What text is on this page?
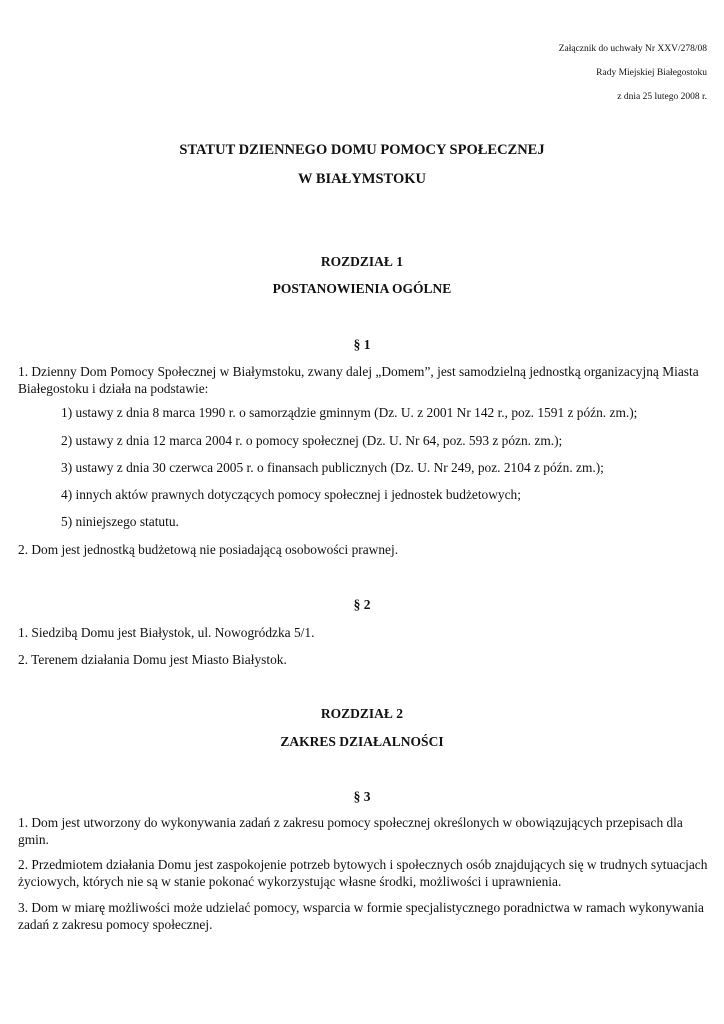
Załącznik do uchwały Nr XXV/278/08
Rady Miejskiej Białegostoku
z dnia 25 lutego 2008 r.
STATUT DZIENNEGO DOMU POMOCY SPOŁECZNEJ
W BIAŁYMSTOKU
ROZDZIAŁ 1
POSTANOWIENIA OGÓLNE
§ 1
1. Dzienny Dom Pomocy Społecznej w Białymstoku, zwany dalej „Domem”, jest samodzielną jednostką organizacyjną Miasta Białegostoku i działa na podstawie:
1) ustawy z dnia 8 marca 1990 r. o samorządzie gminnym (Dz. U. z 2001 Nr 142 r., poz. 1591 z późn. zm.);
2) ustawy z dnia 12 marca 2004 r. o pomocy społecznej (Dz. U. Nr 64, poz. 593 z pózn. zm.);
3) ustawy z dnia 30 czerwca 2005 r. o finansach publicznych (Dz. U. Nr 249, poz. 2104 z późn. zm.);
4) innych aktów prawnych dotyczących pomocy społecznej i jednostek budżetowych;
5) niniejszego statutu.
2. Dom jest jednostką budżetową nie posiadającą osobowości prawnej.
§ 2
1. Siedzibą Domu jest Białystok, ul. Nowogródzka 5/1.
2. Terenem działania Domu jest Miasto Białystok.
ROZDZIAŁ 2
ZAKRES DZIAŁALNOŚCI
§ 3
1. Dom jest utworzony do wykonywania zadań z zakresu pomocy społecznej określonych w obowiązujących przepisach dla gmin.
2. Przedmiotem działania Domu jest zaspokojenie potrzeb bytowych i społecznych osób znajdujących się w trudnych sytuacjach życiowych, których nie są w stanie pokonać wykorzystując własne środki, możliwości i uprawnienia.
3. Dom w miarę możliwości może udzielać pomocy, wsparcia w formie specjalistycznego poradnictwa w ramach wykonywania zadań z zakresu pomocy społecznej.
